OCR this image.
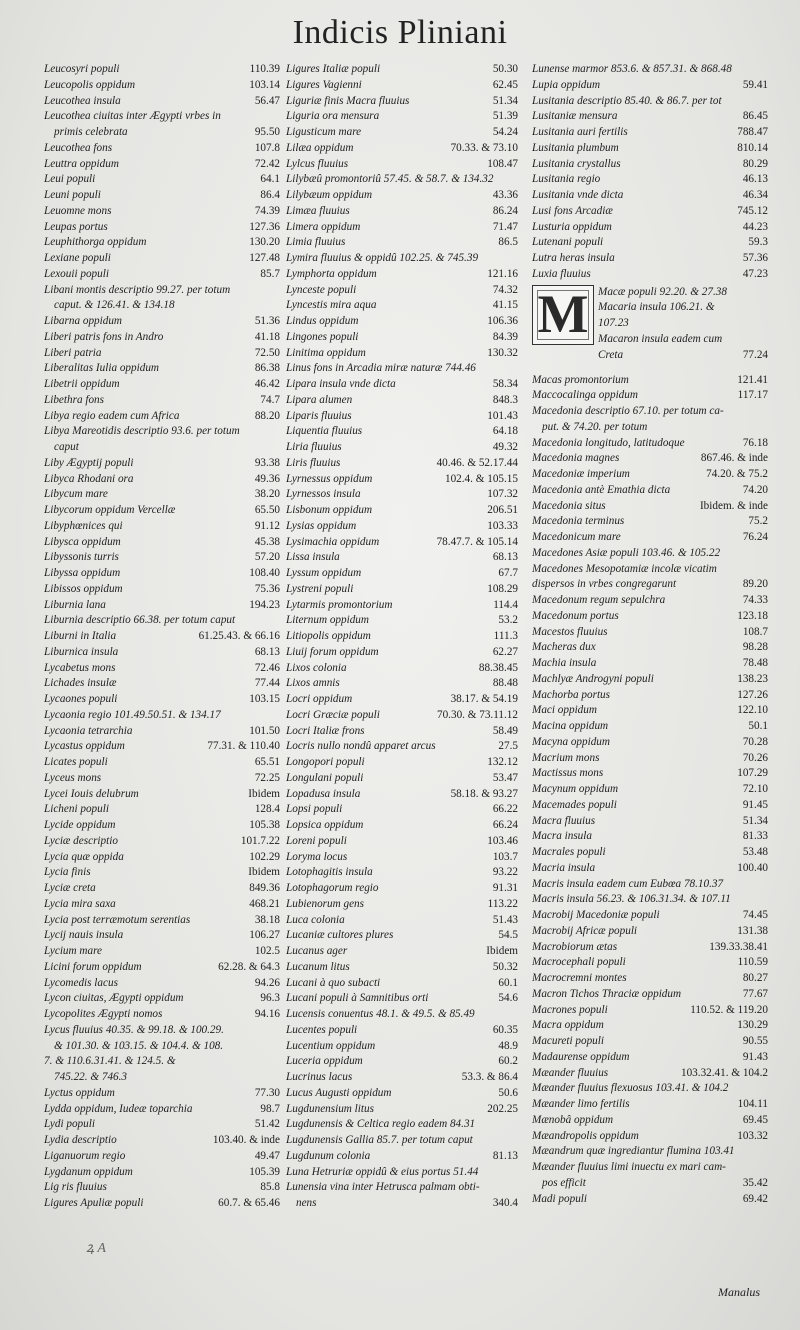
Indicis Pliniani
Leucosyri populi	110.39
Leucopolis oppidum	103.14
Leucothea insula	56.47
Leucothea ciuitas inter Ægypti vrbes in
primis celebrata	95.50
Leucothea fons	107.8
Leuttra oppidum	72.42
Leui populi	64.1
Leuni populi	86.4
Leuomne mons	74.39
Leupas portus	127.36
Leuphithorga oppidum	130.20
Lexiane populi	127.48
Lexouii populi	85.7
Libani montis descriptio 99.27. per totum
caput. & 126.41. & 134.18
Libarna oppidum	51.36
Liberi patris fons in Andro	41.18
Liberi patria	72.50
Liberalitas Iulia oppidum	86.38
Libetrii oppidum	46.42
Libethra fons	74.7
Libya regio eadem cum Africa	88.20
Libya Mareotidis descriptio 93.6. per totum
caput
Liby Ægyptij populi	93.38
Libyca Rhodani ora	49.36
Libycum mare	38.20
Libycorum oppidum Vercellæ	65.50
Libyphœnices qui	91.12
Libysca oppidum	45.38
Libyssonis turris	57.20
Libyssa oppidum	108.40
Libissos oppidum	75.36
Liburnia lana	194.23
Liburnia descriptio 66.38. per totum caput
Liburni in Italia	61.25.43. & 66.16
Liburnica insula	68.13
Lycabetus mons	72.46
Lichades insulæ	77.44
Lycaones populi	103.15
Lycaonia regio 101.49.50.51. & 134.17
Lycaonia tetrarchia	101.50
Lycastus oppidum	77.31. & 110.40
Licates populi	65.51
Lyceus mons	72.25
Lycei Iouis delubrum	Ibidem
Licheni populi	128.4
Lycide oppidum	105.38
Lyciæ descriptio	101.7.22
Lycia quæ oppida	102.29
Lycia finis	Ibidem
Lyciæ creta	849.36
Lycia mira saxa	468.21
Lycia post terræmotum serentias	38.18
Lycij nauis insula	106.27
Lycium mare	102.5
Licini forum oppidum	62.28. & 64.3
Lycomedis lacus	94.26
Lycon ciuitas, Ægypti oppidum	96.3
Lycopolites Ægypti nomos	94.16
Lycus fluuius 40.35. & 99.18. & 100.29.
& 101.30. & 103.15. & 104.4. & 108.
7. & 110.6.31.41. & 124.5. &
745.22. & 746.3
Lyctus oppidum	77.30
Lydda oppidum, Iudeæ toparchia	98.7
Lydi populi	51.42
Lydia descriptio	103.40. & inde
Liganuorum regio	49.47
Lygdanum oppidum	105.39
Lig ris fluuius	85.8
Ligures Apuliæ populi	60.7. & 65.46
Ligures Italiæ populi	50.30
Ligures Vagienni	62.45
Liguriæ finis Macra fluuius	51.34
Liguria ora mensura	51.39
Ligusticum mare	54.24
Lilæa oppidum	70.33. & 73.10
Lylcus fluuius	108.47
Lilybæû promontoriû 57.45. & 58.7. & 134.32
Lilybæum oppidum	43.36
Limæa fluuius	86.24
Limera oppidum	71.47
Limia fluuius	86.5
Lymira fluuius & oppidû 102.25. & 745.39
Lymphorta oppidum	121.16
Lynceste populi	74.32
Lyncestis mira aqua	41.15
Lindus oppidum	106.36
Lingones populi	84.39
Linitima oppidum	130.32
Linus fons in Arcadia miræ naturæ 744.46
Lipara insula vnde dicta	58.34
Lipara alumen	848.3
Liparis fluuius	101.43
Liquentia fluuius	64.18
Liria fluuius	49.32
Liris fluuius	40.46. & 52.17.44
Lyrnessus oppidum	102.4. & 105.15
Lyrnessos insula	107.32
Lisbonum oppidum	206.51
Lysias oppidum	103.33
Lysimachia oppidum	78.47.7. & 105.14
Lissa insula	68.13
Lyssum oppidum	67.7
Lystreni populi	108.29
Lytarmis promontorium	114.4
Liternum oppidum	53.2
Litiopolis oppidum	111.3
Liuij forum oppidum	62.27
Lixos colonia	88.38.45
Lixos amnis	88.48
Locri oppidum	38.17. & 54.19
Locri Græciæ populi	70.30. & 73.11.12
Locri Italiæ frons	58.49
Locris nullo nondû apparet arcus	27.5
Longopori populi	132.12
Longulani populi	53.47
Lopadusa insula	58.18. & 93.27
Lopsi populi	66.22
Lopsica oppidum	66.24
Loreni populi	103.46
Loryma locus	103.7
Lotophagitis insula	93.22
Lotophagorum regio	91.31
Lubienorum gens	113.22
Luca colonia	51.43
Lucaniæ cultores plures	54.5
Lucanus ager	Ibidem
Lucanum litus	50.32
Lucani à quo subacti	60.1
Lucani populi à Samnitibus orti	54.6
Lucensis conuentus 48.1. & 49.5. & 85.49
Lucentes populi	60.35
Lucentium oppidum	48.9
Luceria oppidum	60.2
Lucrinus lacus	53.3. & 86.4
Lucus Augusti oppidum	50.6
Lugdunensium litus	202.25
Lugdunensis & Celtica regio eadem 84.31
Lugdunensis Gallia 85.7. per totum caput
Lugdunum colonia	81.13
Luna Hetruriæ oppidû & eius portus 51.44
Lunensia vina inter Hetrusca palmam obti-
nens	340.4
Lunense marmor 853.6. & 857.31. & 868.48
Lupia oppidum	59.41
Lusitania descriptio 85.40. & 86.7. per tot
Lusitaniæ mensura	86.45
Lusitania auri fertilis	788.47
Lusitania plumbum	810.14
Lusitania crystallus	80.29
Lusitania regio	46.13
Lusitania vnde dicta	46.34
Lusi fons Arcadiæ	745.12
Lusturia oppidum	44.23
Lutenani populi	59.3
Lutra heras insula	57.36
Luxia fluuius	47.23
M Macæ populi 92.20. & 27.38
Macaria insula 106.21. &
107.23
Macaron insula eadem cum
Creta	77.24
Macas promontorium	121.41
Maccocalinga oppidum	117.17
Macedonia descriptio 67.10. per totum ca-
put. & 74.20. per totum
Macedonia longitudo, latitudoque	76.18
Macedonia magnes	867.46. & inde
Macedoniæ imperium	74.20. & 75.2
Macedonia antè Emathia dicta	74.20
Macedonia situs	Ibidem. & inde
Macedonia terminus	75.2
Macedonicum mare	76.24
Macedones Asiæ populi 103.46. & 105.22
Macedones Mesopotamiæ incolæ vicatim
dispersos in vrbes congregarunt	89.20
Macedonum regum sepulchra	74.33
Macedonum portus	123.18
Macestos fluuius	108.7
Macheras dux	98.28
Machia insula	78.48
Machlyæ Androgyni populi	138.23
Machorba portus	127.26
Maci oppidum	122.10
Macina oppidum	50.1
Macyna oppidum	70.28
Macrium mons	70.26
Mactissus mons	107.29
Macynum oppidum	72.10
Macemades populi	91.45
Macra fluuius	51.34
Macra insula	81.33
Macrales populi	53.48
Macria insula	100.40
Macris insula eadem cum Eubœa 78.10.37
Macris insula 56.23. & 106.31.34. & 107.11
Macrobij Macedoniæ populi	74.45
Macrobij Africæ populi	131.38
Macrobiorum ætas	139.33.38.41
Macrocephali populi	110.59
Macrocremni montes	80.27
Macron Tichos Thraciæ oppidum	77.67
Macrones populi	110.52. & 119.20
Macra oppidum	130.29
Macureti populi	90.55
Madaurense oppidum	91.43
Mæander fluuius	103.32.41. & 104.2
Mæander fluuius flexuosus 103.41. & 104.2
Mæander limo fertilis	104.11
Mænobâ oppidum	69.45
Mæandropolis oppidum	103.32
Mæandrum quæ ingrediantur flumina 103.41
Mæander fluuius limi inuectu ex mari cam-
pos efficit	35.42
Madi populi	69.42
Manalus
ꝝ A
